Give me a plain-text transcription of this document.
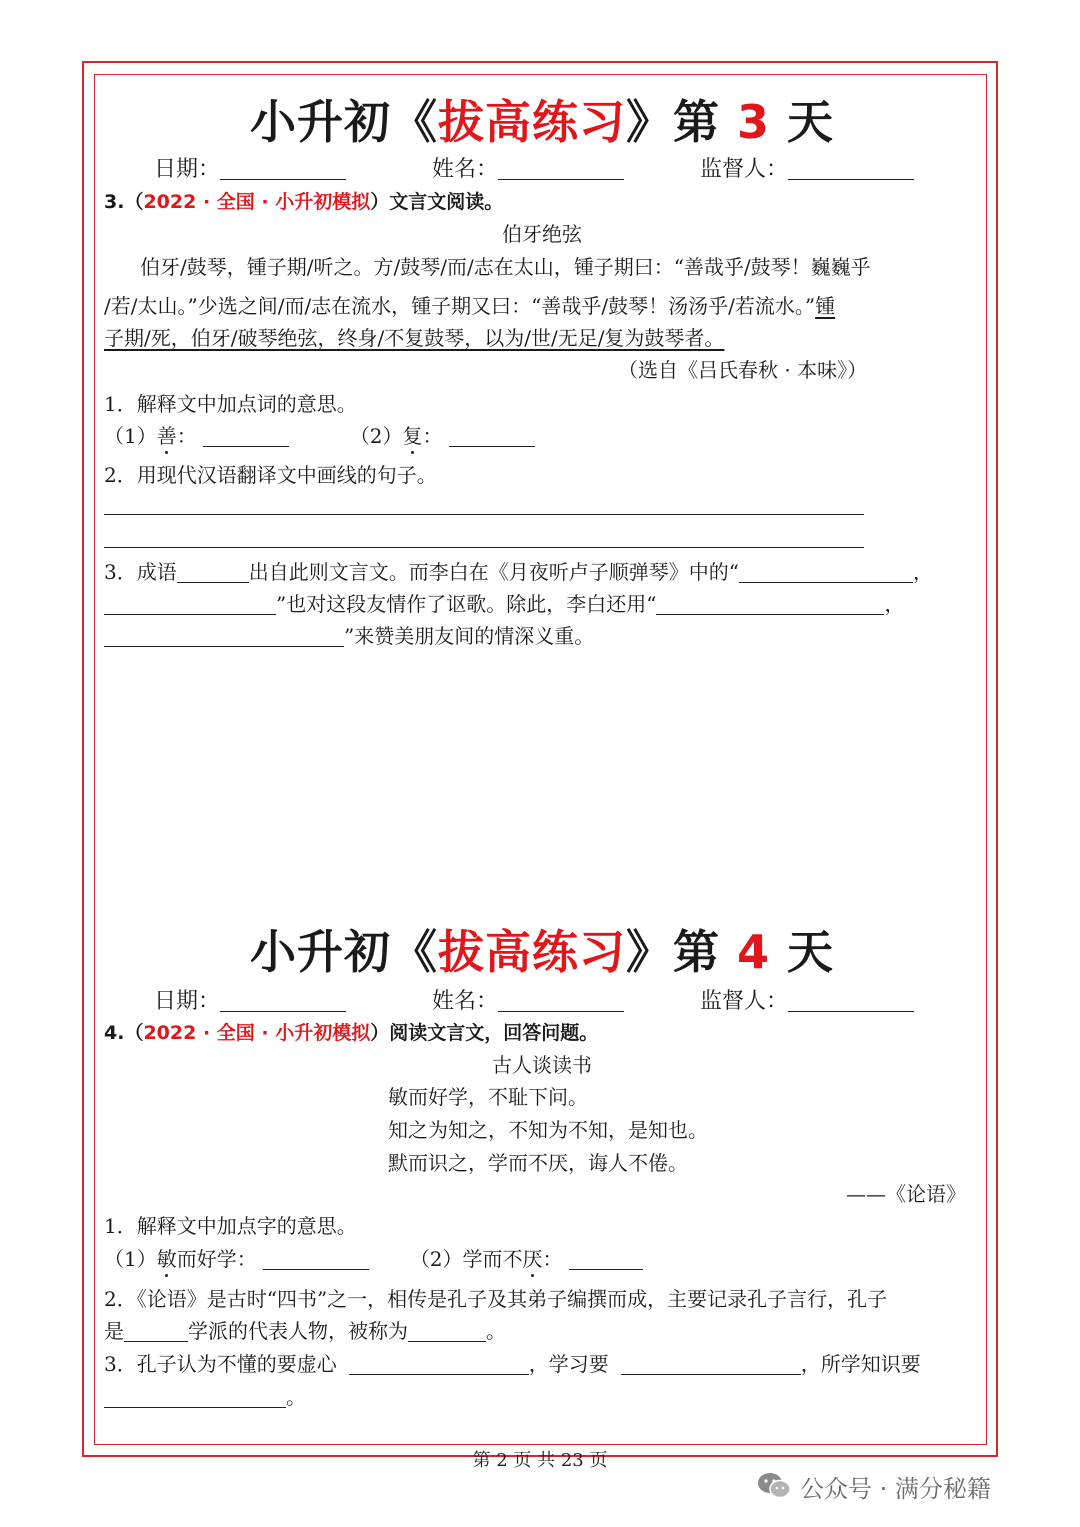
小升初《拔高练习》第 3 天
日期：	姓名：	监督人：
3.（2022 · 全国 · 小升初模拟）文言文阅读。
伯牙绝弦
伯牙/鼓琴，锺子期/听之。方/鼓琴/而/志在太山，锺子期曰：“善哉乎/鼓琴！巍巍乎
/若/太山。”少选之间/而/志在流水，锺子期又曰：“善哉乎/鼓琴！汤汤乎/若流水。”锺
子期/死，伯牙/破琴绝弦，终身/不复鼓琴，以为/世/无足/复为鼓琴者。
（选自《吕氏春秋 · 本味》）
1．解释文中加点词的意思。
（1）善：	（2）复：
2．用现代汉语翻译文中画线的句子。
3．成语	出自此则文言文。而李白在《月夜听卢子顺弹琴》中的“	，
”也对这段友情作了讴歌。除此，李白还用“	，
”来赞美朋友间的情深义重。
小升初《拔高练习》第 4 天
日期：	姓名：	监督人：
4.（2022 · 全国 · 小升初模拟）阅读文言文，回答问题。
古人谈读书
敏而好学，不耻下问。
知之为知之，不知为不知，是知也。
默而识之，学而不厌，诲人不倦。
——《论语》
1．解释文中加点字的意思。
（1）敏而好学：	（2）学而不厌：
2．《论语》是古时“四书”之一，相传是孔子及其弟子编撰而成，主要记录孔子言行，孔子
是	学派的代表人物，被称为	。
3．孔子认为不懂的要虚心	，学习要	，所学知识要
。
第 2 页 共 23 页
公众号 · 满分秘籍
